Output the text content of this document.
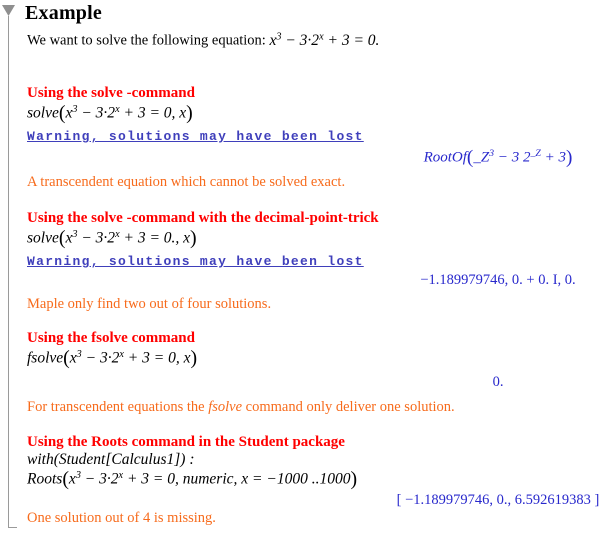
Example
We want to solve the following equation: $x^3 - 3\cdot 2^x + 3 = 0$.
Using the solve -command
$solve(x^3 - 3\cdot 2^x + 3 = 0$, x)
Warning, solutions may have been lost
$RootOf(\_Z^3 - 3$ $2^{\_Z} + 3$)
A transcendent equation which cannot be solved exact.
Using the solve -command with the decimal-point-trick
$solve(x^3 - 3\cdot 2^x + 3 = 0$., x)
Warning, solutions may have been lost
−1.189979746, 0. + 0. I, 0.
Maple only find two out of four solutions.
Using the fsolve command
$fsolve(x^3 - 3\cdot 2^x + 3 = 0$, x)
0.
For transcendent equations the fsolve command only deliver one solution.
Using the Roots command in the Student package
with(Student[Calculus1]) :
$Roots(x^3 - 3\cdot 2^x + 3 = 0$, numeric, x = −1000 ..1000)
[ −1.189979746, 0., 6.592619383 ]
One solution out of 4 is missing.
